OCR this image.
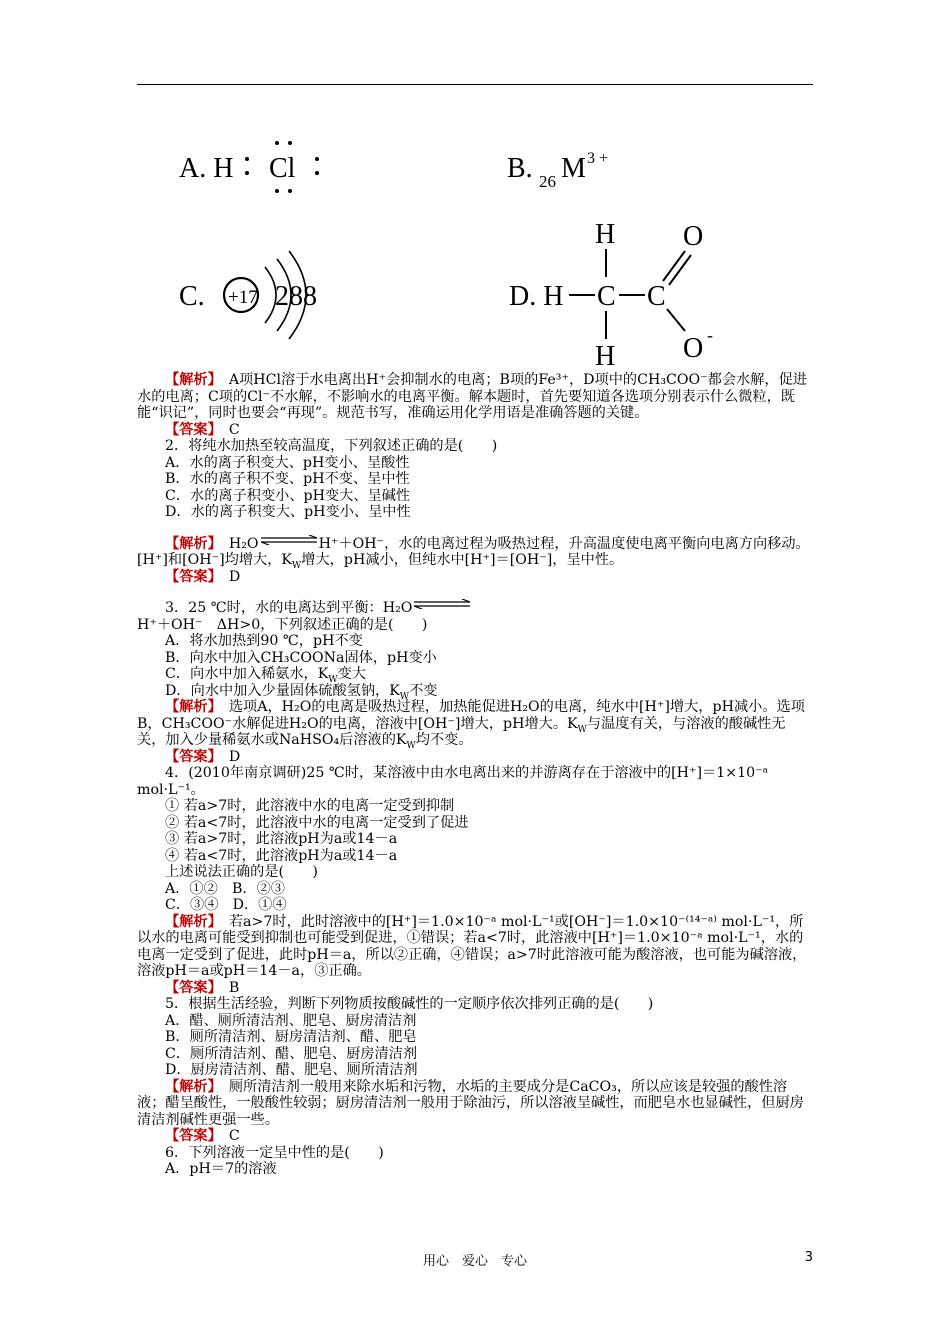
A. H Cl	B. 26 M 3 +
C. +17 288	D. H C C
H
H
O
O -

【解析】　 A项HCl溶于水电离出H⁺会抑制水的电离；B项的Fe³⁺，D项中的CH₃COO⁻都会水解，促进水的电离；C项的Cl⁻不水解，不影响水的电离平衡。解本题时，首先要知道各选项分别表示什么微粒，既能“识记”，同时也要会“再现”。规范书写，准确运用化学用语是准确答题的关键。

【答案】　 C

2．将纯水加热至较高温度，下列叙述正确的是(　　)

A．水的离子积变大、pH变小、呈酸性

B．水的离子积不变、pH不变、呈中性

C．水的离子积变小、pH变大、呈碱性

D．水的离子积变大、pH变小、呈中性

【解析】　 H₂O	H⁺＋OH⁻，水的电离过程为吸热过程，升高温度使电离平衡向电离方向移动。[H⁺]和[OH⁻]均增大，$K_W$增大，pH减小，但纯水中[H⁺]＝[OH⁻]，呈中性。

【答案】　 D

3．25 ℃时，水的电离达到平衡：H₂O

H⁺＋OH⁻　ΔH>0，下列叙述正确的是(　　)

A．将水加热到90 ℃，pH不变

B．向水中加入CH₃COONa固体，pH变小

C．向水中加入稀氨水，$K_W$变大

D．向水中加入少量固体硫酸氢钠，$K_W$不变

【解析】　 选项A，H₂O的电离是吸热过程，加热能促进H₂O的电离，纯水中[H⁺]增大，pH减小。选项B，CH₃COO⁻水解促进H₂O的电离，溶液中[OH⁻]增大，pH增大。$K_W$与温度有关，与溶液的酸碱性无关，加入少量稀氨水或NaHSO₄后溶液的$K_W$均不变。

【答案】　 D

4．(2010年南京调研)25 ℃时，某溶液中由水电离出来的并游离存在于溶液中的[H⁺]＝1×10⁻ᵃ mol·L⁻¹。

① 若a>7时，此溶液中水的电离一定受到抑制

② 若a<7时，此溶液中水的电离一定受到了促进

③ 若a>7时，此溶液pH为a或14－a

④ 若a<7时，此溶液pH为a或14－a

上述说法正确的是(　　)

A．①②　B．②③

C．③④　D．①④

【解析】　 若a>7时，此时溶液中的[H⁺]＝1.0×10⁻ᵃ mol·L⁻¹或[OH⁻]＝1.0×10⁻⁽¹⁴⁻ᵃ⁾ mol·L⁻¹，所以水的电离可能受到抑制也可能受到促进，①错误；若a<7时，此溶液中[H⁺]＝1.0×10⁻ᵃ mol·L⁻¹，水的电离一定受到了促进，此时pH＝a，所以②正确，④错误；a>7时此溶液可能为酸溶液，也可能为碱溶液，溶液pH＝a或pH＝14－a，③正确。

【答案】　 B

5．根据生活经验，判断下列物质按酸碱性的一定顺序依次排列正确的是(　　)

A．醋、厕所清洁剂、肥皂、厨房清洁剂

B．厕所清洁剂、厨房清洁剂、醋、肥皂

C．厕所清洁剂、醋、肥皂、厨房清洁剂

D．厨房清洁剂、醋、肥皂、厕所清洁剂

【解析】　 厕所清洁剂一般用来除水垢和污物，水垢的主要成分是CaCO₃，所以应该是较强的酸性溶液；醋呈酸性，一般酸性较弱；厨房清洁剂一般用于除油污，所以溶液呈碱性，而肥皂水也显碱性，但厨房清洁剂碱性更强一些。

【答案】　 C

6．下列溶液一定呈中性的是(　　)

A．pH＝7的溶液

用心　爱心　专心	3
